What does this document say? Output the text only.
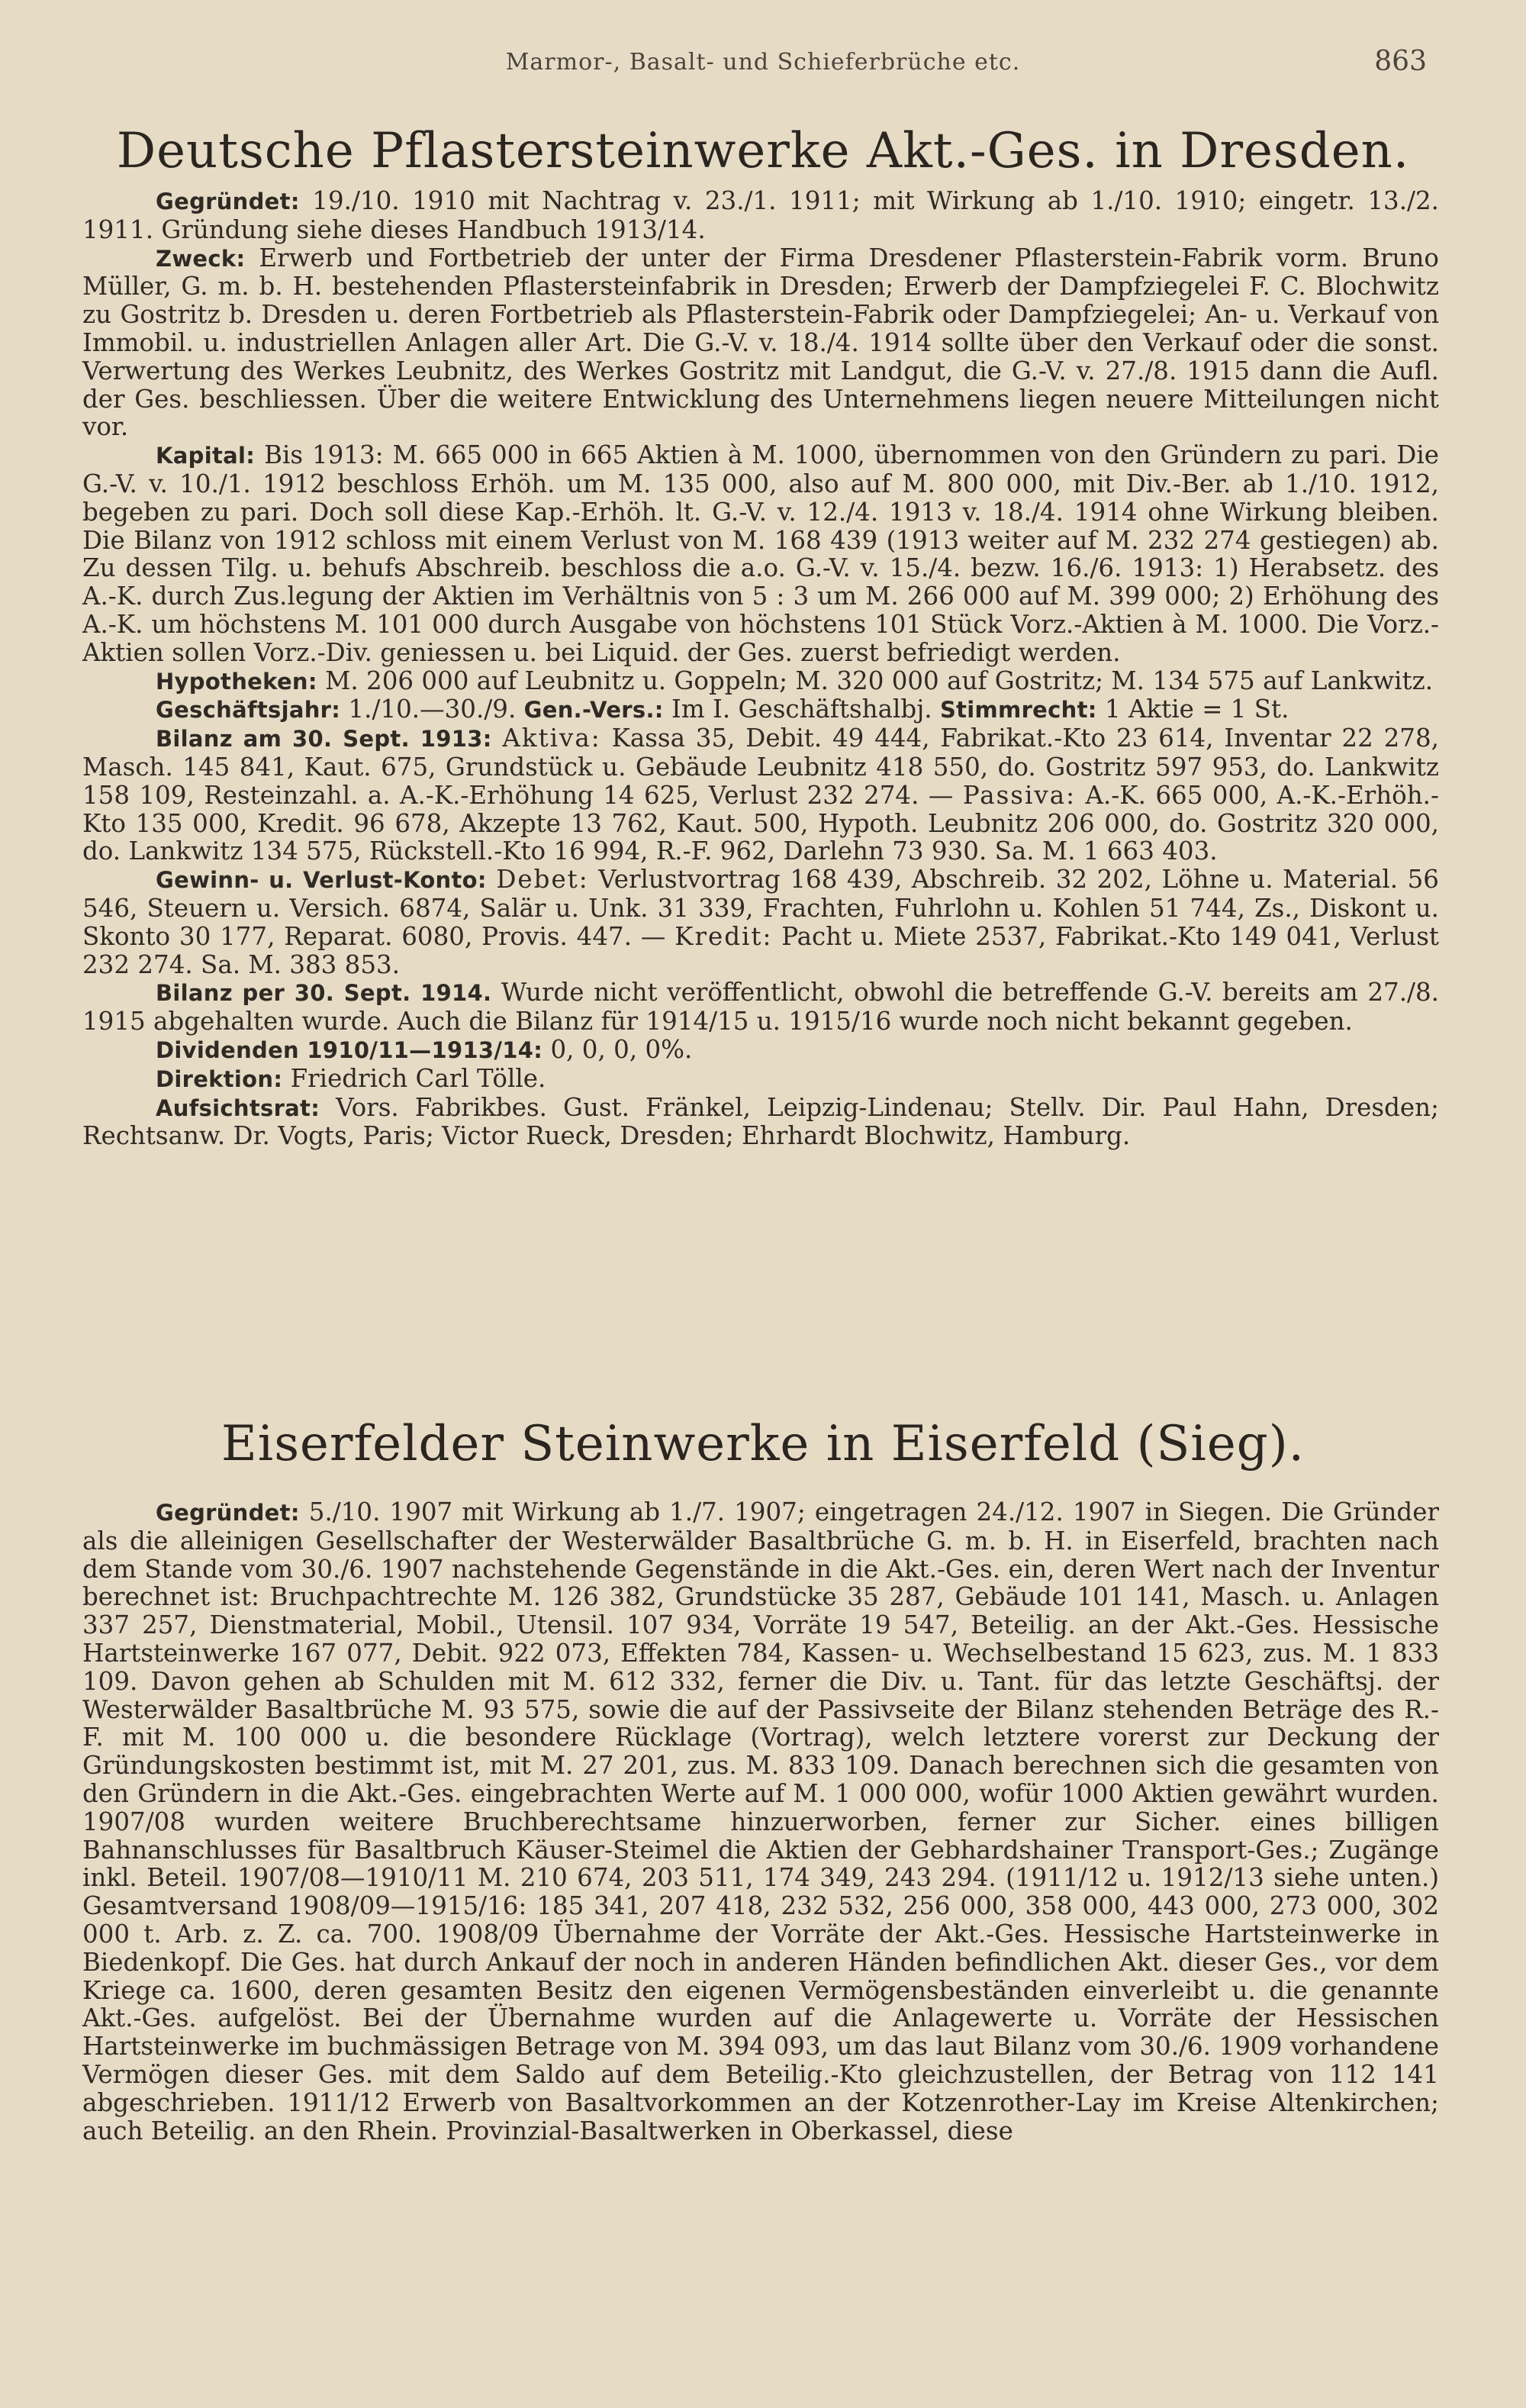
Marmor-, Basalt- und Schieferbrüche etc.	863
Deutsche Pflastersteinwerke Akt.-Ges. in Dresden.

Gegründet: 19./10. 1910 mit Nachtrag v. 23./1. 1911; mit Wirkung ab 1./10. 1910; eingetr. 13./2. 1911. Gründung siehe dieses Handbuch 1913/14.

Zweck: Erwerb und Fortbetrieb der unter der Firma Dresdener Pflasterstein-Fabrik vorm. Bruno Müller, G. m. b. H. bestehenden Pflastersteinfabrik in Dresden; Erwerb der Dampfziegelei F. C. Blochwitz zu Gostritz b. Dresden u. deren Fortbetrieb als Pflasterstein-Fabrik oder Dampfziegelei; An- u. Verkauf von Immobil. u. industriellen Anlagen aller Art. Die G.-V. v. 18./4. 1914 sollte über den Verkauf oder die sonst. Verwertung des Werkes Leubnitz, des Werkes Gostritz mit Landgut, die G.-V. v. 27./8. 1915 dann die Aufl. der Ges. beschliessen. Über die weitere Entwicklung des Unternehmens liegen neuere Mitteilungen nicht vor.

Kapital: Bis 1913: M. 665 000 in 665 Aktien à M. 1000, übernommen von den Gründern zu pari. Die G.-V. v. 10./1. 1912 beschloss Erhöh. um M. 135 000, also auf M. 800 000, mit Div.-Ber. ab 1./10. 1912, begeben zu pari. Doch soll diese Kap.-Erhöh. lt. G.-V. v. 12./4. 1913 v. 18./4. 1914 ohne Wirkung bleiben. Die Bilanz von 1912 schloss mit einem Verlust von M. 168 439 (1913 weiter auf M. 232 274 gestiegen) ab. Zu dessen Tilg. u. behufs Abschreib. beschloss die a.o. G.-V. v. 15./4. bezw. 16./6. 1913: 1) Herabsetz. des A.-K. durch Zus.legung der Aktien im Verhältnis von 5 : 3 um M. 266 000 auf M. 399 000; 2) Erhöhung des A.-K. um höchstens M. 101 000 durch Ausgabe von höchstens 101 Stück Vorz.-Aktien à M. 1000. Die Vorz.-Aktien sollen Vorz.-Div. geniessen u. bei Liquid. der Ges. zuerst befriedigt werden.

Hypotheken: M. 206 000 auf Leubnitz u. Goppeln; M. 320 000 auf Gostritz; M. 134 575 auf Lankwitz.

Geschäftsjahr: 1./10.—30./9. Gen.-Vers.: Im I. Geschäftshalbj. Stimmrecht: 1 Aktie = 1 St.

Bilanz am 30. Sept. 1913: Aktiva: Kassa 35, Debit. 49 444, Fabrikat.-Kto 23 614, Inventar 22 278, Masch. 145 841, Kaut. 675, Grundstück u. Gebäude Leubnitz 418 550, do. Gostritz 597 953, do. Lankwitz 158 109, Resteinzahl. a. A.-K.-Erhöhung 14 625, Verlust 232 274. — Passiva: A.-K. 665 000, A.-K.-Erhöh.-Kto 135 000, Kredit. 96 678, Akzepte 13 762, Kaut. 500, Hypoth. Leubnitz 206 000, do. Gostritz 320 000, do. Lankwitz 134 575, Rückstell.-Kto 16 994, R.-F. 962, Darlehn 73 930. Sa. M. 1 663 403.

Gewinn- u. Verlust-Konto: Debet: Verlustvortrag 168 439, Abschreib. 32 202, Löhne u. Material. 56 546, Steuern u. Versich. 6874, Salär u. Unk. 31 339, Frachten, Fuhrlohn u. Kohlen 51 744, Zs., Diskont u. Skonto 30 177, Reparat. 6080, Provis. 447. — Kredit: Pacht u. Miete 2537, Fabrikat.-Kto 149 041, Verlust 232 274. Sa. M. 383 853.

Bilanz per 30. Sept. 1914. Wurde nicht veröffentlicht, obwohl die betreffende G.-V. bereits am 27./8. 1915 abgehalten wurde. Auch die Bilanz für 1914/15 u. 1915/16 wurde noch nicht bekannt gegeben.

Dividenden 1910/11—1913/14: 0, 0, 0, 0%.

Direktion: Friedrich Carl Tölle.

Aufsichtsrat: Vors. Fabrikbes. Gust. Fränkel, Leipzig-Lindenau; Stellv. Dir. Paul Hahn, Dresden; Rechtsanw. Dr. Vogts, Paris; Victor Rueck, Dresden; Ehrhardt Blochwitz, Hamburg.

Eiserfelder Steinwerke in Eiserfeld (Sieg).

Gegründet: 5./10. 1907 mit Wirkung ab 1./7. 1907; eingetragen 24./12. 1907 in Siegen. Die Gründer als die alleinigen Gesellschafter der Westerwälder Basaltbrüche G. m. b. H. in Eiserfeld, brachten nach dem Stande vom 30./6. 1907 nachstehende Gegenstände in die Akt.-Ges. ein, deren Wert nach der Inventur berechnet ist: Bruchpachtrechte M. 126 382, Grundstücke 35 287, Gebäude 101 141, Masch. u. Anlagen 337 257, Dienstmaterial, Mobil., Utensil. 107 934, Vorräte 19 547, Beteilig. an der Akt.-Ges. Hessische Hartsteinwerke 167 077, Debit. 922 073, Effekten 784, Kassen- u. Wechselbestand 15 623, zus. M. 1 833 109. Davon gehen ab Schulden mit M. 612 332, ferner die Div. u. Tant. für das letzte Geschäftsj. der Westerwälder Basaltbrüche M. 93 575, sowie die auf der Passivseite der Bilanz stehenden Beträge des R.-F. mit M. 100 000 u. die besondere Rücklage (Vortrag), welch letztere vorerst zur Deckung der Gründungskosten bestimmt ist, mit M. 27 201, zus. M. 833 109. Danach berechnen sich die gesamten von den Gründern in die Akt.-Ges. eingebrachten Werte auf M. 1 000 000, wofür 1000 Aktien gewährt wurden. 1907/08 wurden weitere Bruchberechtsame hinzuerworben, ferner zur Sicher. eines billigen Bahnanschlusses für Basaltbruch Käuser-Steimel die Aktien der Gebhardshainer Transport-Ges.; Zugänge inkl. Beteil. 1907/08—1910/11 M. 210 674, 203 511, 174 349, 243 294. (1911/12 u. 1912/13 siehe unten.) Gesamtversand 1908/09—1915/16: 185 341, 207 418, 232 532, 256 000, 358 000, 443 000, 273 000, 302 000 t. Arb. z. Z. ca. 700. 1908/09 Übernahme der Vorräte der Akt.-Ges. Hessische Hartsteinwerke in Biedenkopf. Die Ges. hat durch Ankauf der noch in anderen Händen befindlichen Akt. dieser Ges., vor dem Kriege ca. 1600, deren gesamten Besitz den eigenen Vermögensbeständen einverleibt u. die genannte Akt.-Ges. aufgelöst. Bei der Übernahme wurden auf die Anlagewerte u. Vorräte der Hessischen Hartsteinwerke im buchmässigen Betrage von M. 394 093, um das laut Bilanz vom 30./6. 1909 vorhandene Vermögen dieser Ges. mit dem Saldo auf dem Beteilig.-Kto gleichzustellen, der Betrag von 112 141 abgeschrieben. 1911/12 Erwerb von Basaltvorkommen an der Kotzenrother-Lay im Kreise Altenkirchen; auch Beteilig. an den Rhein. Provinzial-Basaltwerken in Oberkassel, diese
